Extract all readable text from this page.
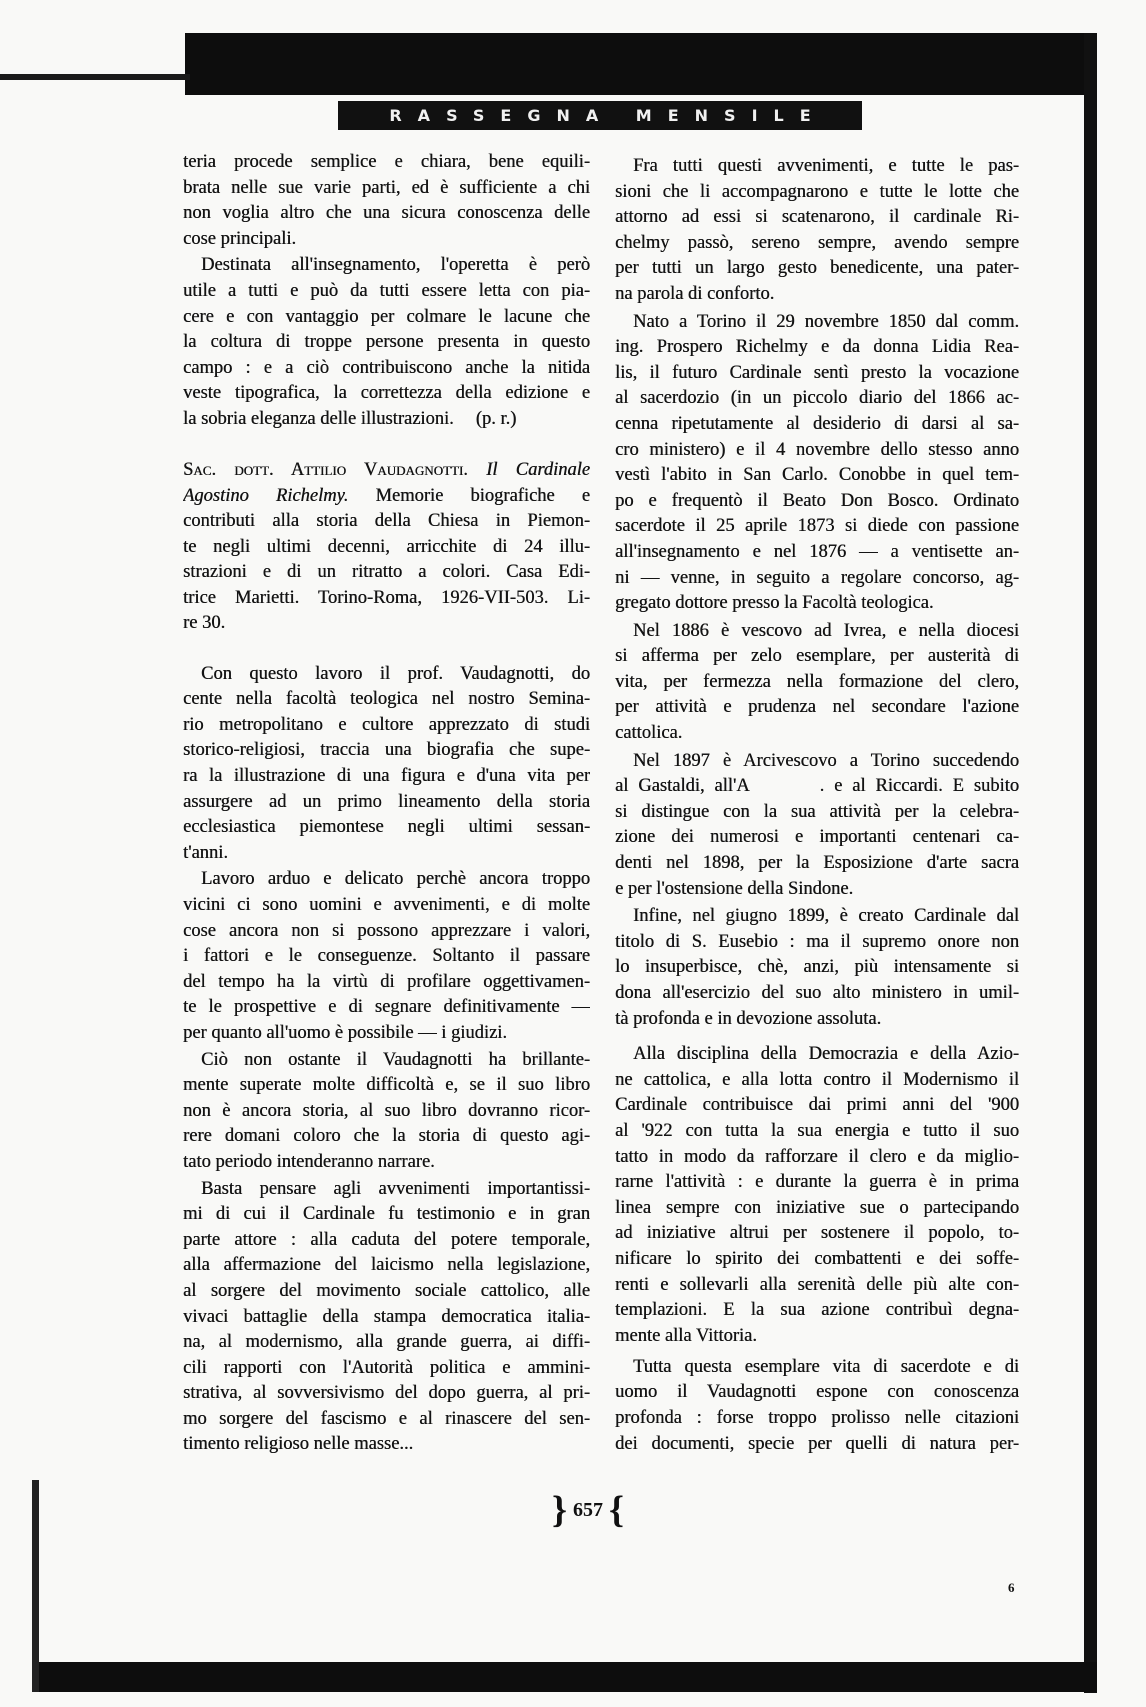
RASSEGNA MENSILE
teria procede semplice e chiara, bene equili-
brata nelle sue varie parti, ed è sufficiente a chi
non voglia altro che una sicura conoscenza delle
cose principali.
Destinata all'insegnamento, l'operetta è però
utile a tutti e può da tutti essere letta con pia-
cere e con vantaggio per colmare le lacune che
la coltura di troppe persone presenta in questo
campo : e a ciò contribuiscono anche la nitida
veste tipografica, la correttezza della edizione e
la sobria eleganza delle illustrazioni. (p. r.)
Sac. dott. Attilio Vaudagnotti. Il Cardinale
Agostino Richelmy. Memorie biografiche e
contributi alla storia della Chiesa in Piemon-
te negli ultimi decenni, arricchite di 24 illu-
strazioni e di un ritratto a colori. Casa Edi-
trice Marietti. Torino-Roma, 1926-VII-503. Li-
re 30.
Con questo lavoro il prof. Vaudagnotti, do
cente nella facoltà teologica nel nostro Semina-
rio metropolitano e cultore apprezzato di studi
storico-religiosi, traccia una biografia che supe-
ra la illustrazione di una figura e d'una vita per
assurgere ad un primo lineamento della storia
ecclesiastica piemontese negli ultimi sessan-
t'anni.
Lavoro arduo e delicato perchè ancora troppo
vicini ci sono uomini e avvenimenti, e di molte
cose ancora non si possono apprezzare i valori,
i fattori e le conseguenze. Soltanto il passare
del tempo ha la virtù di profilare oggettivamen-
te le prospettive e di segnare definitivamente —
per quanto all'uomo è possibile — i giudizi.
Ciò non ostante il Vaudagnotti ha brillante-
mente superate molte difficoltà e, se il suo libro
non è ancora storia, al suo libro dovranno ricor-
rere domani coloro che la storia di questo agi-
tato periodo intenderanno narrare.
Basta pensare agli avvenimenti importantissi-
mi di cui il Cardinale fu testimonio e in gran
parte attore : alla caduta del potere temporale,
alla affermazione del laicismo nella legislazione,
al sorgere del movimento sociale cattolico, alle
vivaci battaglie della stampa democratica italia-
na, al modernismo, alla grande guerra, ai diffi-
cili rapporti con l'Autorità politica e ammini-
strativa, al sovversivismo del dopo guerra, al pri-
mo sorgere del fascismo e al rinascere del sen-
timento religioso nelle masse...
Fra tutti questi avvenimenti, e tutte le pas-
sioni che li accompagnarono e tutte le lotte che
attorno ad essi si scatenarono, il cardinale Ri-
chelmy passò, sereno sempre, avendo sempre
per tutti un largo gesto benedicente, una pater-
na parola di conforto.
Nato a Torino il 29 novembre 1850 dal comm.
ing. Prospero Richelmy e da donna Lidia Rea-
lis, il futuro Cardinale sentì presto la vocazione
al sacerdozio (in un piccolo diario del 1866 ac-
cenna ripetutamente al desiderio di darsi al sa-
cro ministero) e il 4 novembre dello stesso anno
vestì l'abito in San Carlo. Conobbe in quel tem-
po e frequentò il Beato Don Bosco. Ordinato
sacerdote il 25 aprile 1873 si diede con passione
all'insegnamento e nel 1876 — a ventisette an-
ni — venne, in seguito a regolare concorso, ag-
gregato dottore presso la Facoltà teologica.
Nel 1886 è vescovo ad Ivrea, e nella diocesi
si afferma per zelo esemplare, per austerità di
vita, per fermezza nella formazione del clero,
per attività e prudenza nel secondare l'azione
cattolica.
Nel 1897 è Arcivescovo a Torino succedendo
al Gastaldi, all'A	. e al Riccardi. E subito
si distingue con la sua attività per la celebra-
zione dei numerosi e importanti centenari ca-
denti nel 1898, per la Esposizione d'arte sacra
e per l'ostensione della Sindone.
Infine, nel giugno 1899, è creato Cardinale dal
titolo di S. Eusebio : ma il supremo onore non
lo insuperbisce, chè, anzi, più intensamente si
dona all'esercizio del suo alto ministero in umil-
tà profonda e in devozione assoluta.
Alla disciplina della Democrazia e della Azio-
ne cattolica, e alla lotta contro il Modernismo il
Cardinale contribuisce dai primi anni del '900
al '922 con tutta la sua energia e tutto il suo
tatto in modo da rafforzare il clero e da miglio-
rarne l'attività : e durante la guerra è in prima
linea sempre con iniziative sue o partecipando
ad iniziative altrui per sostenere il popolo, to-
nificare lo spirito dei combattenti e dei soffe-
renti e sollevarli alla serenità delle più alte con-
templazioni. E la sua azione contribuì degna-
mente alla Vittoria.
Tutta questa esemplare vita di sacerdote e di
uomo il Vaudagnotti espone con conoscenza
profonda : forse troppo prolisso nelle citazioni
dei documenti, specie per quelli di natura per-
} 657 {
6
